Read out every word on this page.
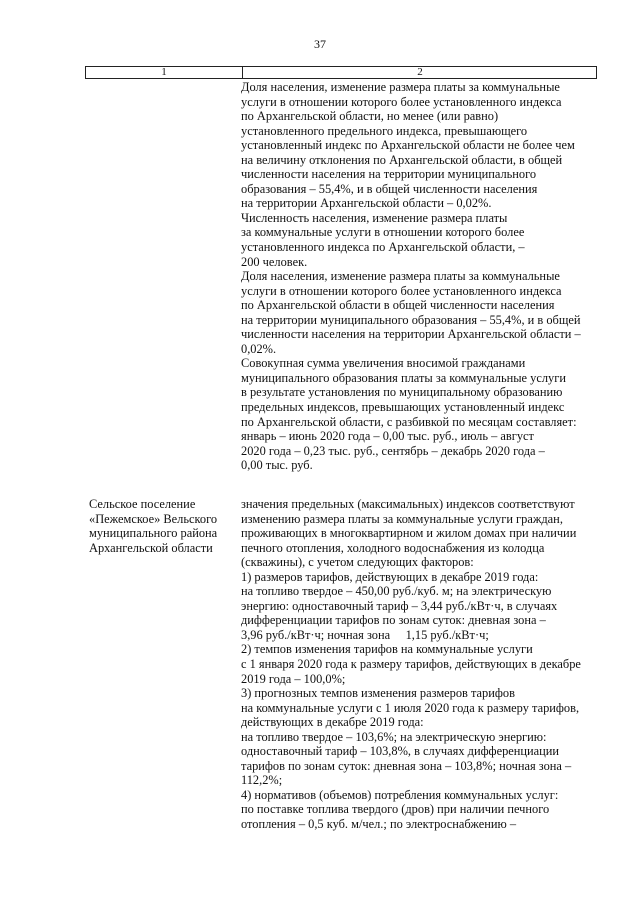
37
1	2
Доля населения, изменение размера платы за коммунальные
услуги в отношении которого более установленного индекса
по Архангельской области, но менее (или равно)
установленного предельного индекса, превышающего
установленный индекс по Архангельской области не более чем
на величину отклонения по Архангельской области, в общей
численности населения на территории муниципального
образования – 55,4%, и в общей численности населения
на территории Архангельской области – 0,02%.
Численность населения, изменение размера платы
за коммунальные услуги в отношении которого более
установленного индекса по Архангельской области, –
200 человек.
Доля населения, изменение размера платы за коммунальные
услуги в отношении которого более установленного индекса
по Архангельской области в общей численности населения
на территории муниципального образования – 55,4%, и в общей
численности населения на территории Архангельской области –
0,02%.
Совокупная сумма увеличения вносимой гражданами
муниципального образования платы за коммунальные услуги
в результате установления по муниципальному образованию
предельных индексов, превышающих установленный индекс
по Архангельской области, с разбивкой по месяцам составляет:
январь – июнь 2020 года – 0,00 тыс. руб., июль – август
2020 года – 0,23 тыс. руб., сентябрь – декабрь 2020 года –
0,00 тыс. руб.
Сельское поселение
«Пежемское» Вельского
муниципального района
Архангельской области
значения предельных (максимальных) индексов соответствуют
изменению размера платы за коммунальные услуги граждан,
проживающих в многоквартирном и жилом домах при наличии
печного отопления, холодного водоснабжения из колодца
(скважины), с учетом следующих факторов:
1) размеров тарифов, действующих в декабре 2019 года:
на топливо твердое – 450,00 руб./куб. м; на электрическую
энергию: одноставочный тариф – 3,44 руб./кВт·ч, в случаях
дифференциации тарифов по зонам суток: дневная зона –
3,96 руб./кВт·ч; ночная зона     1,15 руб./кВт·ч;
2) темпов изменения тарифов на коммунальные услуги
с 1 января 2020 года к размеру тарифов, действующих в декабре
2019 года – 100,0%;
3) прогнозных темпов изменения размеров тарифов
на коммунальные услуги с 1 июля 2020 года к размеру тарифов,
действующих в декабре 2019 года:
на топливо твердое – 103,6%; на электрическую энергию:
одноставочный тариф – 103,8%, в случаях дифференциации
тарифов по зонам суток: дневная зона – 103,8%; ночная зона –
112,2%;
4) нормативов (объемов) потребления коммунальных услуг:
по поставке топлива твердого (дров) при наличии печного
отопления – 0,5 куб. м/чел.; по электроснабжению –
